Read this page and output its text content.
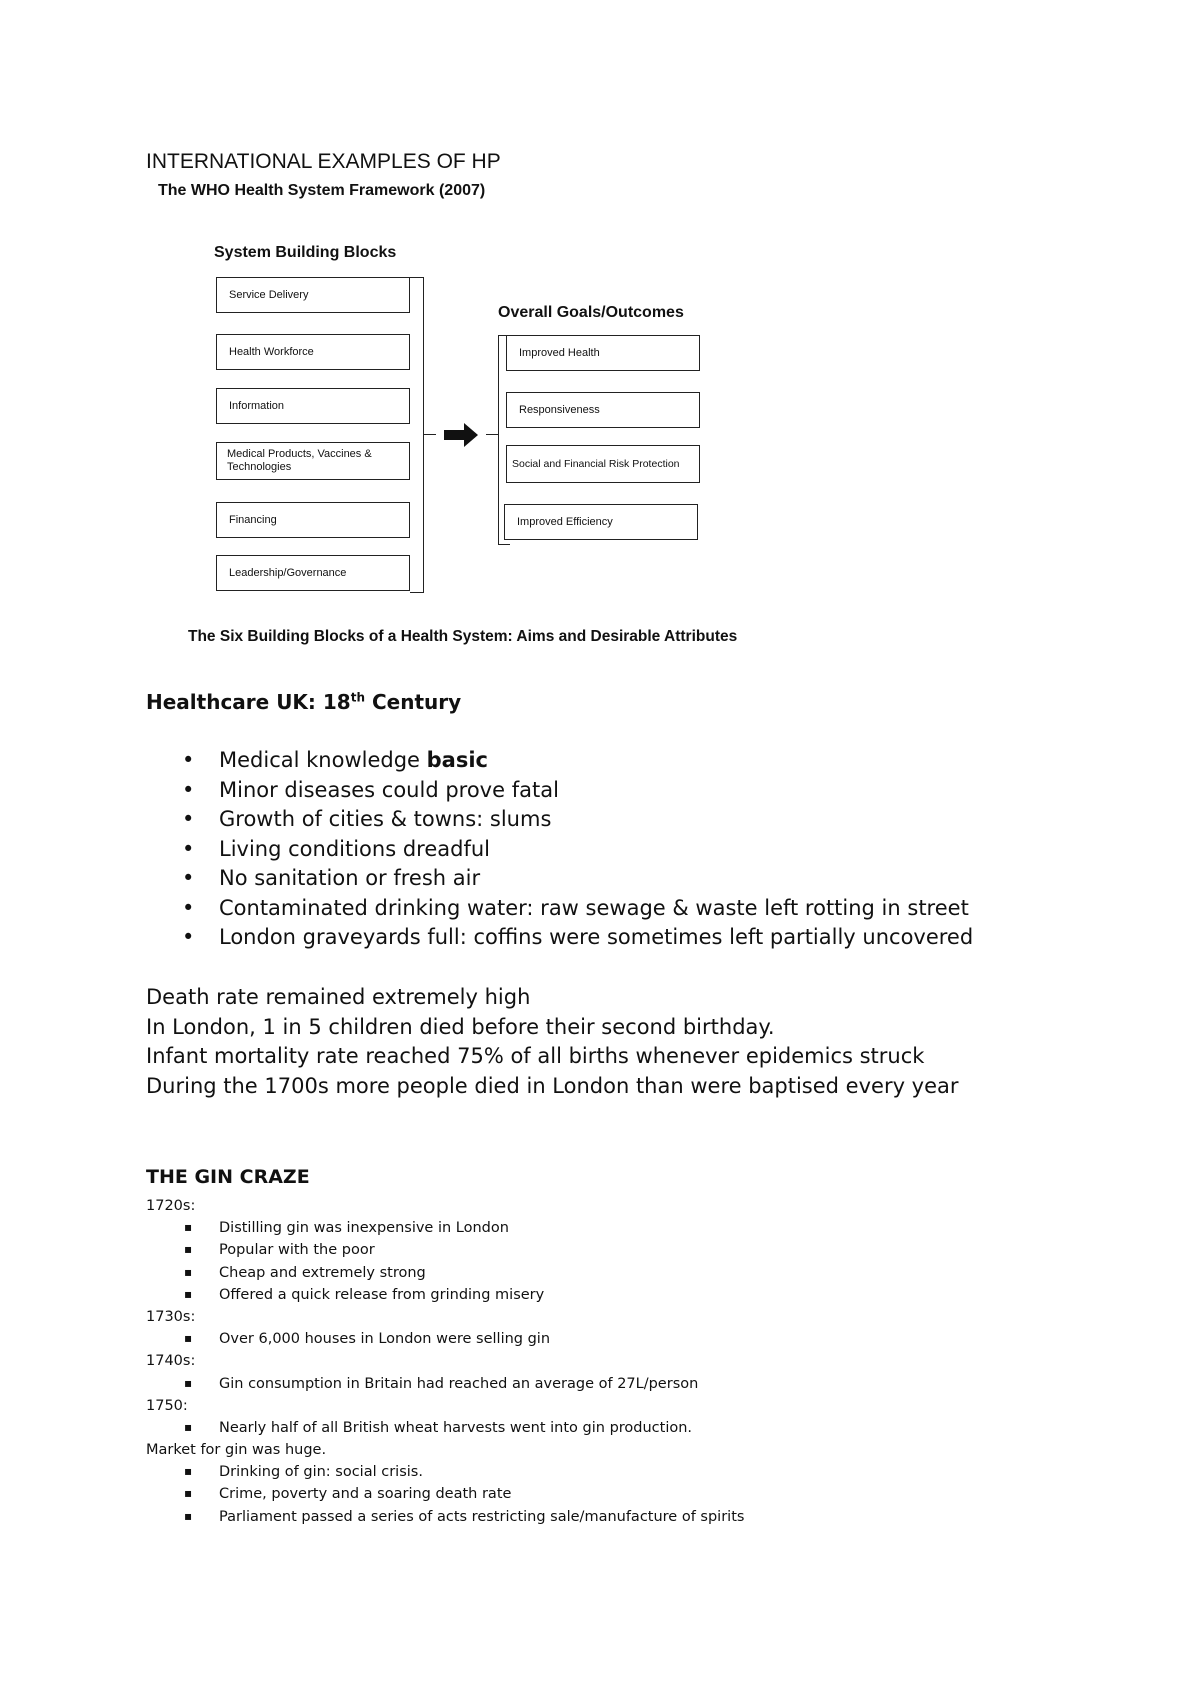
INTERNATIONAL EXAMPLES OF HP
The WHO Health System Framework (2007)
System Building Blocks
Service Delivery
Health Workforce
Information
Medical Products, Vaccines & Technologies
Financing
Leadership/Governance
Overall Goals/Outcomes
Improved Health
Responsiveness
Social and Financial Risk Protection
Improved Efficiency
The Six Building Blocks of a Health System: Aims and Desirable Attributes
Healthcare UK: 18th Century
• Medical knowledge basic
• Minor diseases could prove fatal
• Growth of cities & towns: slums
• Living conditions dreadful
• No sanitation or fresh air
• Contaminated drinking water: raw sewage & waste left rotting in street
• London graveyards full: coffins were sometimes left partially uncovered
Death rate remained extremely high
In London, 1 in 5 children died before their second birthday.
Infant mortality rate reached 75% of all births whenever epidemics struck
During the 1700s more people died in London than were baptised every year
THE GIN CRAZE
1720s:
▪ Distilling gin was inexpensive in London
▪ Popular with the poor
▪ Cheap and extremely strong
▪ Offered a quick release from grinding misery
1730s:
▪ Over 6,000 houses in London were selling gin
1740s:
▪ Gin consumption in Britain had reached an average of 27L/person
1750:
▪ Nearly half of all British wheat harvests went into gin production.
Market for gin was huge.
▪ Drinking of gin: social crisis.
▪ Crime, poverty and a soaring death rate
▪ Parliament passed a series of acts restricting sale/manufacture of spirits
